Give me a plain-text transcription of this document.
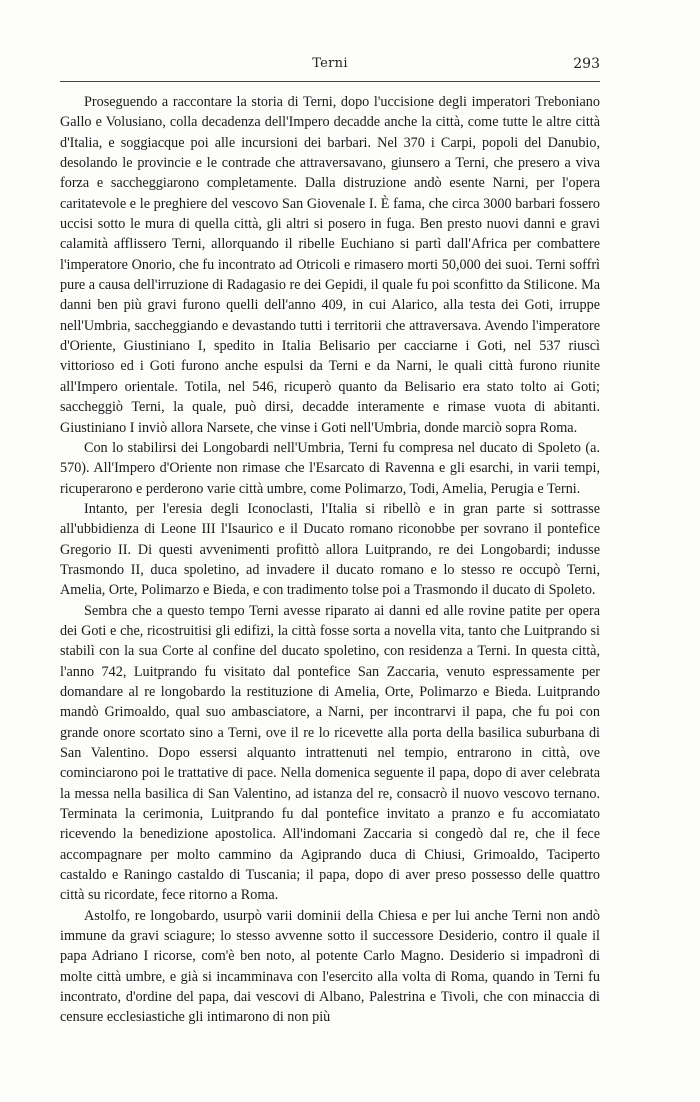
Terni	293

Proseguendo a raccontare la storia di Terni, dopo l'uccisione degli imperatori Treboniano Gallo e Volusiano, colla decadenza dell'Impero decadde anche la città, come tutte le altre città d'Italia, e soggiacque poi alle incursioni dei barbari. Nel 370 i Carpi, popoli del Danubio, desolando le provincie e le contrade che attraversavano, giunsero a Terni, che presero a viva forza e saccheggiarono completamente. Dalla distruzione andò esente Narni, per l'opera caritatevole e le preghiere del vescovo San Giovenale I. È fama, che circa 3000 barbari fossero uccisi sotto le mura di quella città, gli altri si posero in fuga. Ben presto nuovi danni e gravi calamità afflissero Terni, allorquando il ribelle Euchiano si partì dall'Africa per combattere l'imperatore Onorio, che fu incontrato ad Otricoli e rimasero morti 50,000 dei suoi. Terni soffrì pure a causa dell'irruzione di Radagasio re dei Gepidi, il quale fu poi sconfitto da Stilicone. Ma danni ben più gravi furono quelli dell'anno 409, in cui Alarico, alla testa dei Goti, irruppe nell'Umbria, saccheggiando e devastando tutti i territorii che attraversava. Avendo l'imperatore d'Oriente, Giustiniano I, spedito in Italia Belisario per cacciarne i Goti, nel 537 riuscì vittorioso ed i Goti furono anche espulsi da Terni e da Narni, le quali città furono riunite all'Impero orientale. Totila, nel 546, ricuperò quanto da Belisario era stato tolto ai Goti; saccheggiò Terni, la quale, può dirsi, decadde interamente e rimase vuota di abitanti. Giustiniano I inviò allora Narsete, che vinse i Goti nell'Umbria, donde marciò sopra Roma.

Con lo stabilirsi dei Longobardi nell'Umbria, Terni fu compresa nel ducato di Spoleto (a. 570). All'Impero d'Oriente non rimase che l'Esarcato di Ravenna e gli esarchi, in varii tempi, ricuperarono e perderono varie città umbre, come Polimarzo, Todi, Amelia, Perugia e Terni.

Intanto, per l'eresia degli Iconoclasti, l'Italia si ribellò e in gran parte si sottrasse all'ubbidienza di Leone III l'Isaurico e il Ducato romano riconobbe per sovrano il pontefice Gregorio II. Di questi avvenimenti profittò allora Luitprando, re dei Longobardi; indusse Trasmondo II, duca spoletino, ad invadere il ducato romano e lo stesso re occupò Terni, Amelia, Orte, Polimarzo e Bieda, e con tradimento tolse poi a Trasmondo il ducato di Spoleto.

Sembra che a questo tempo Terni avesse riparato ai danni ed alle rovine patite per opera dei Goti e che, ricostruitisi gli edifizi, la città fosse sorta a novella vita, tanto che Luitprando si stabilì con la sua Corte al confine del ducato spoletino, con residenza a Terni. In questa città, l'anno 742, Luitprando fu visitato dal pontefice San Zaccaria, venuto espressamente per domandare al re longobardo la restituzione di Amelia, Orte, Polimarzo e Bieda. Luitprando mandò Grimoaldo, qual suo ambasciatore, a Narni, per incontrarvi il papa, che fu poi con grande onore scortato sino a Terni, ove il re lo ricevette alla porta della basilica suburbana di San Valentino. Dopo essersi alquanto intrattenuti nel tempio, entrarono in città, ove cominciarono poi le trattative di pace. Nella domenica seguente il papa, dopo di aver celebrata la messa nella basilica di San Valentino, ad istanza del re, consacrò il nuovo vescovo ternano. Terminata la cerimonia, Luitprando fu dal pontefice invitato a pranzo e fu accomiatato ricevendo la benedizione apostolica. All'indomani Zaccaria si congedò dal re, che il fece accompagnare per molto cammino da Agiprando duca di Chiusi, Grimoaldo, Taciperto castaldo e Raningo castaldo di Tuscania; il papa, dopo di aver preso possesso delle quattro città su ricordate, fece ritorno a Roma.

Astolfo, re longobardo, usurpò varii dominii della Chiesa e per lui anche Terni non andò immune da gravi sciagure; lo stesso avvenne sotto il successore Desiderio, contro il quale il papa Adriano I ricorse, com'è ben noto, al potente Carlo Magno. Desiderio si impadronì di molte città umbre, e già si incamminava con l'esercito alla volta di Roma, quando in Terni fu incontrato, d'ordine del papa, dai vescovi di Albano, Palestrina e Tivoli, che con minaccia di censure ecclesiastiche gli intimarono di non più
